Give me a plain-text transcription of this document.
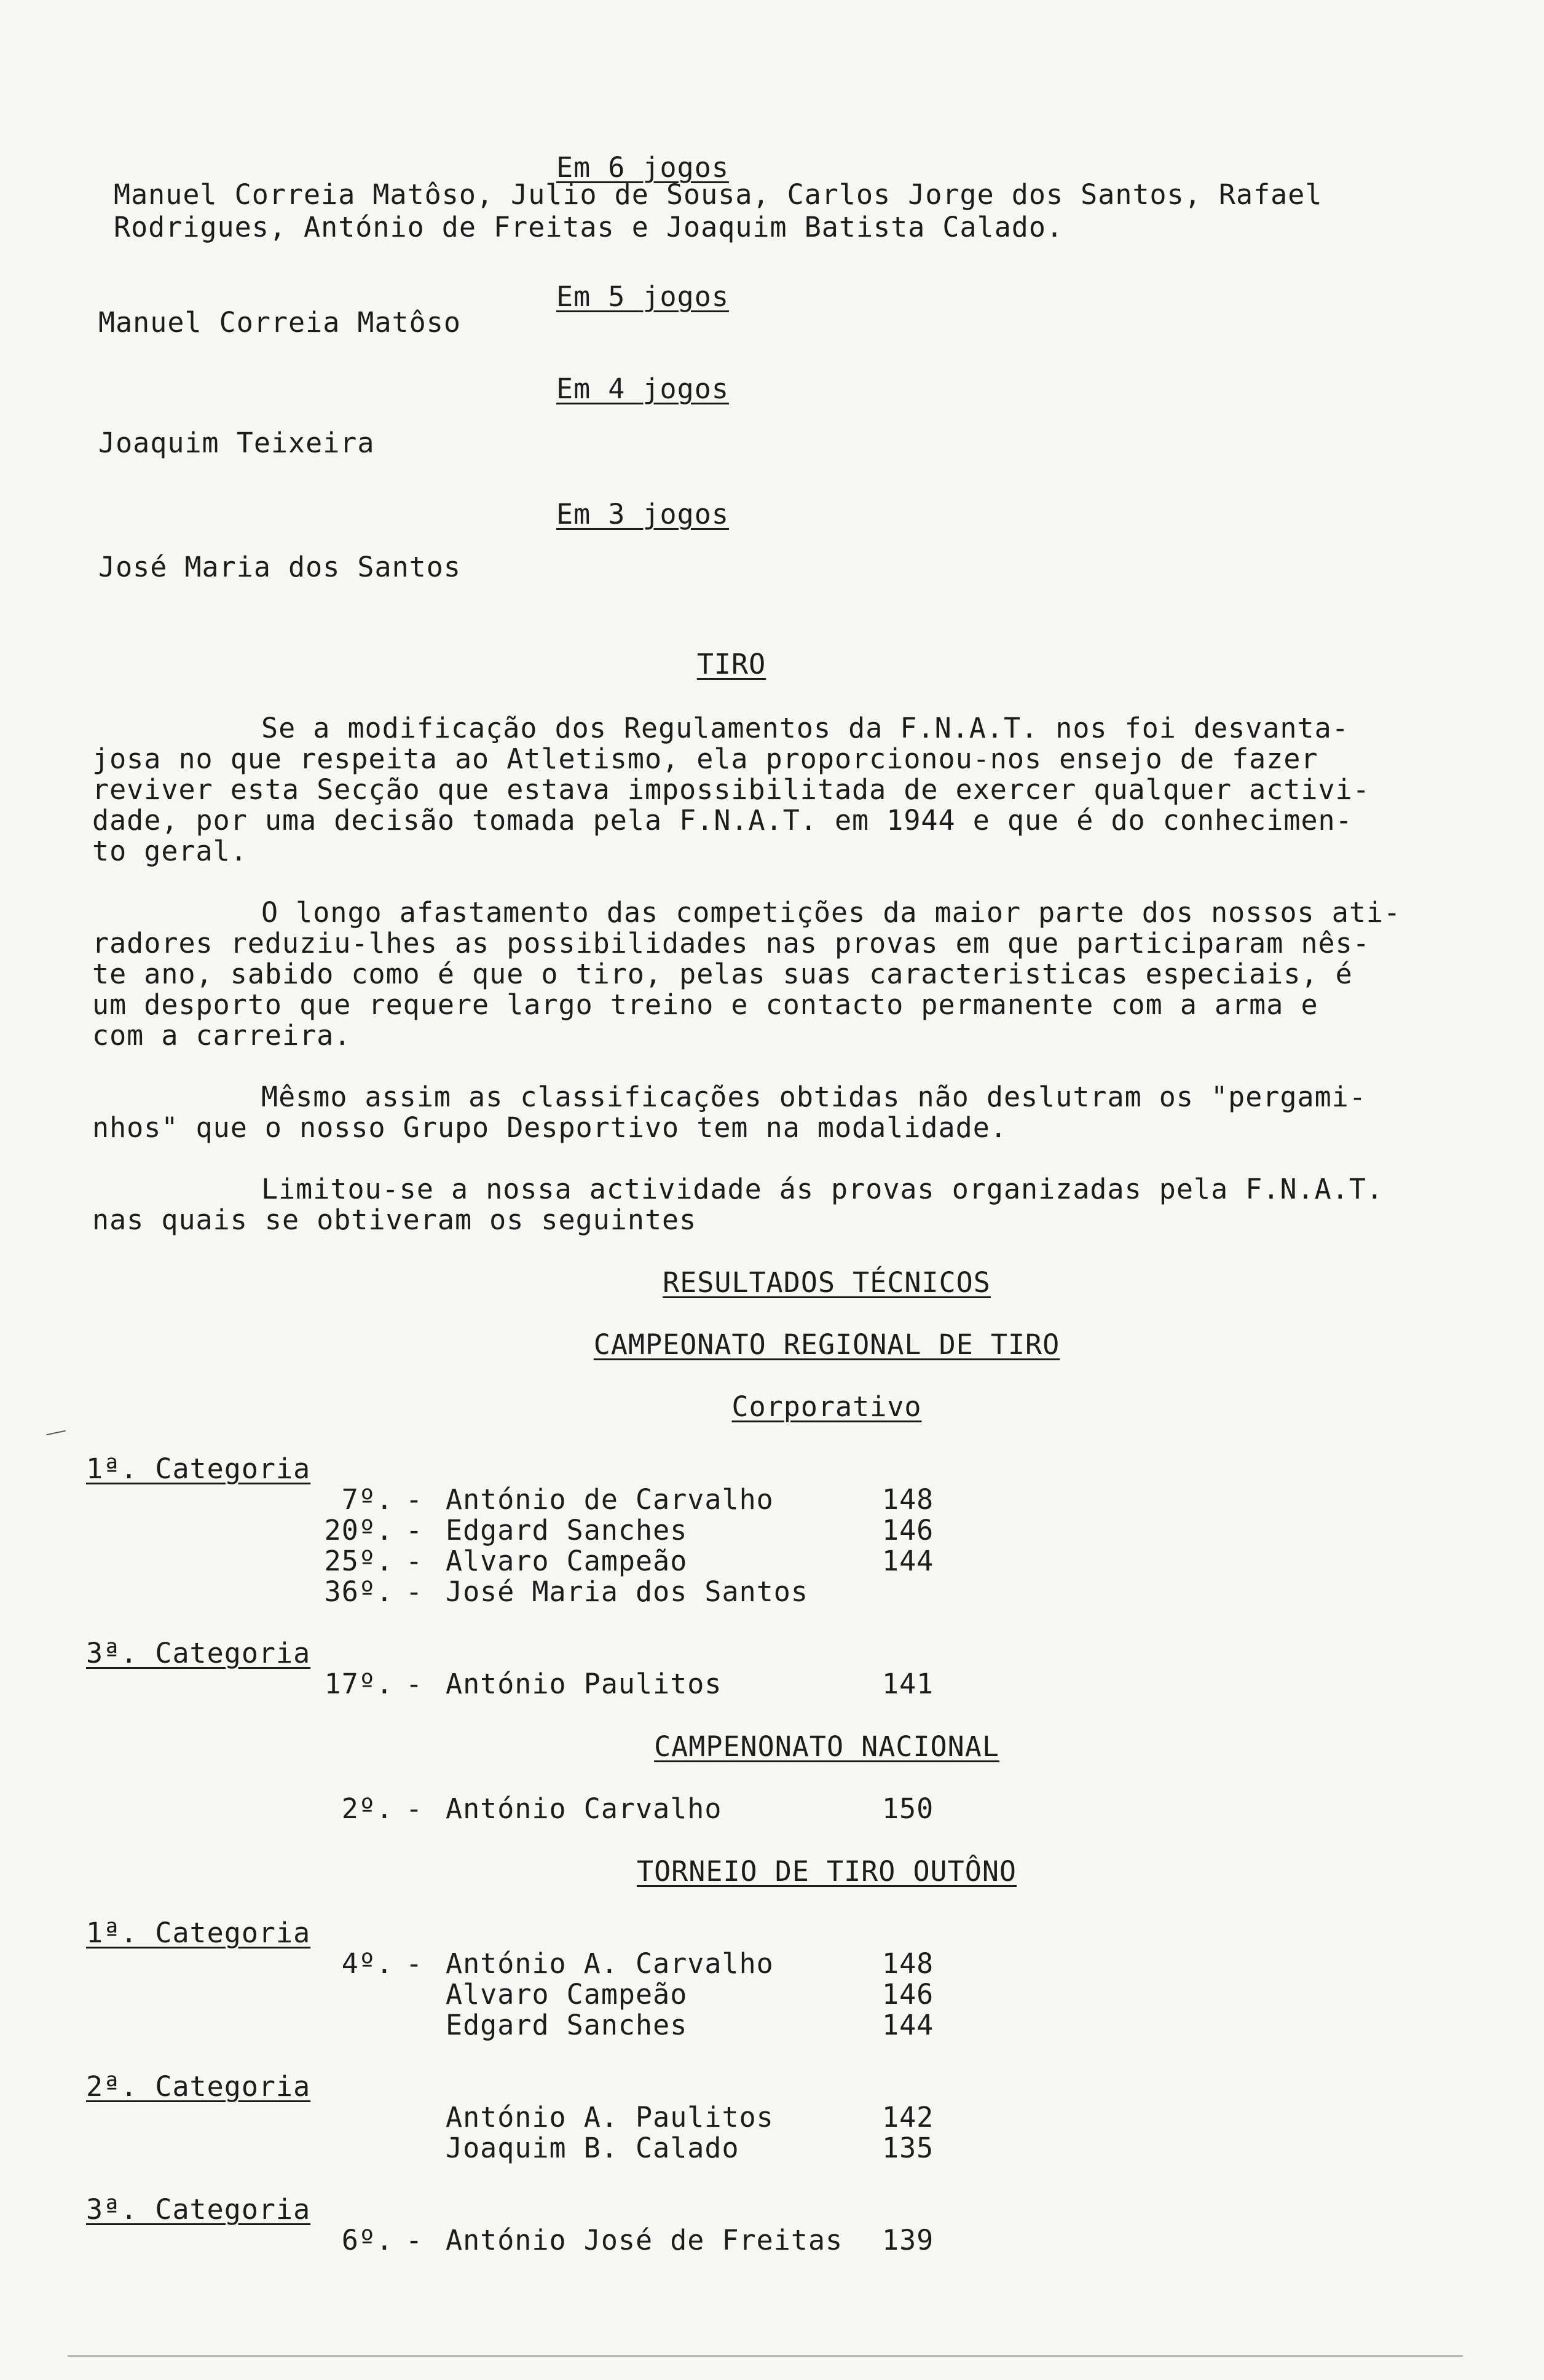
Em 6 jogos
Manuel Correia Matôso, Julio de Sousa, Carlos Jorge dos Santos, Rafael
Rodrigues, António de Freitas e Joaquim Batista Calado.
Em 5 jogos
Manuel Correia Matôso
Em 4 jogos
Joaquim Teixeira
Em 3 jogos
José Maria dos Santos
TIRO
Se a modificação dos Regulamentos da F.N.A.T. nos foi desvanta-
josa no que respeita ao Atletismo, ela proporcionou-nos ensejo de fazer
reviver esta Secção que estava impossibilitada de exercer qualquer activi-
dade, por uma decisão tomada pela F.N.A.T. em 1944 e que é do conhecimen-
to geral.
O longo afastamento das competições da maior parte dos nossos ati-
radores reduziu-lhes as possibilidades nas provas em que participaram nês-
te ano, sabido como é que o tiro, pelas suas caracteristicas especiais, é
um desporto que requere largo treino e contacto permanente com a arma e
com a carreira.
Mêsmo assim as classificações obtidas não deslutram os "pergami-
nhos" que o nosso Grupo Desportivo tem na modalidade.
Limitou-se a nossa actividade ás provas organizadas pela F.N.A.T.
nas quais se obtiveram os seguintes
RESULTADOS TÉCNICOS
CAMPEONATO REGIONAL DE TIRO
Corporativo
1ª. Categoria
7º. - António de Carvalho	148
20º. - Edgard Sanches	146
25º. - Alvaro Campeão	144
36º. - José Maria dos Santos
3ª. Categoria
17º. - António Paulitos	141
CAMPENONATO NACIONAL
2º. - António Carvalho	150
TORNEIO DE TIRO OUTÔNO
1ª. Categoria
4º. - António A. Carvalho	148
Alvaro Campeão	146
Edgard Sanches	144
2ª. Categoria
António A. Paulitos	142
Joaquim B. Calado	135
3ª. Categoria
6º. - António José de Freitas 139
